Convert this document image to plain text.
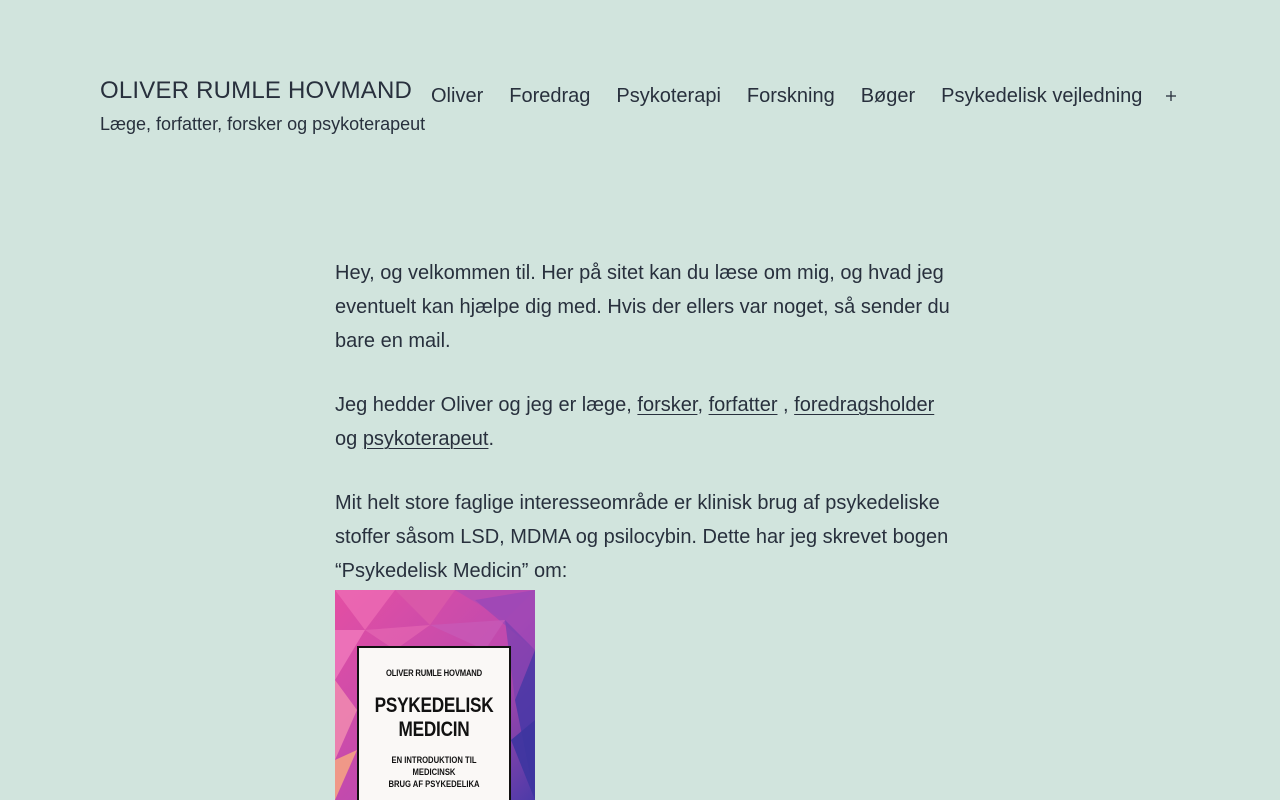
OLIVER RUMLE HOVMAND
Læge, forfatter, forsker og psykoterapeut
Oliver	Foredrag	Psykoterapi	Forskning	Bøger	Psykedelisk vejledning

Hey, og velkommen til. Her på sitet kan du læse om mig, og hvad jeg eventuelt kan hjælpe dig med. Hvis der ellers var noget, så sender du bare en mail.

Jeg hedder Oliver og jeg er læge, forsker, forfatter , foredragsholder og psykoterapeut.

Mit helt store faglige interesseområde er klinisk brug af psykedeliske stoffer såsom LSD, MDMA og psilocybin. Dette har jeg skrevet bogen “Psykedelisk Medicin” om:

OLIVER RUMLE HOVMAND
PSYKEDELISK
MEDICIN
EN INTRODUKTION TIL MEDICINSK
BRUG AF PSYKEDELIKA
